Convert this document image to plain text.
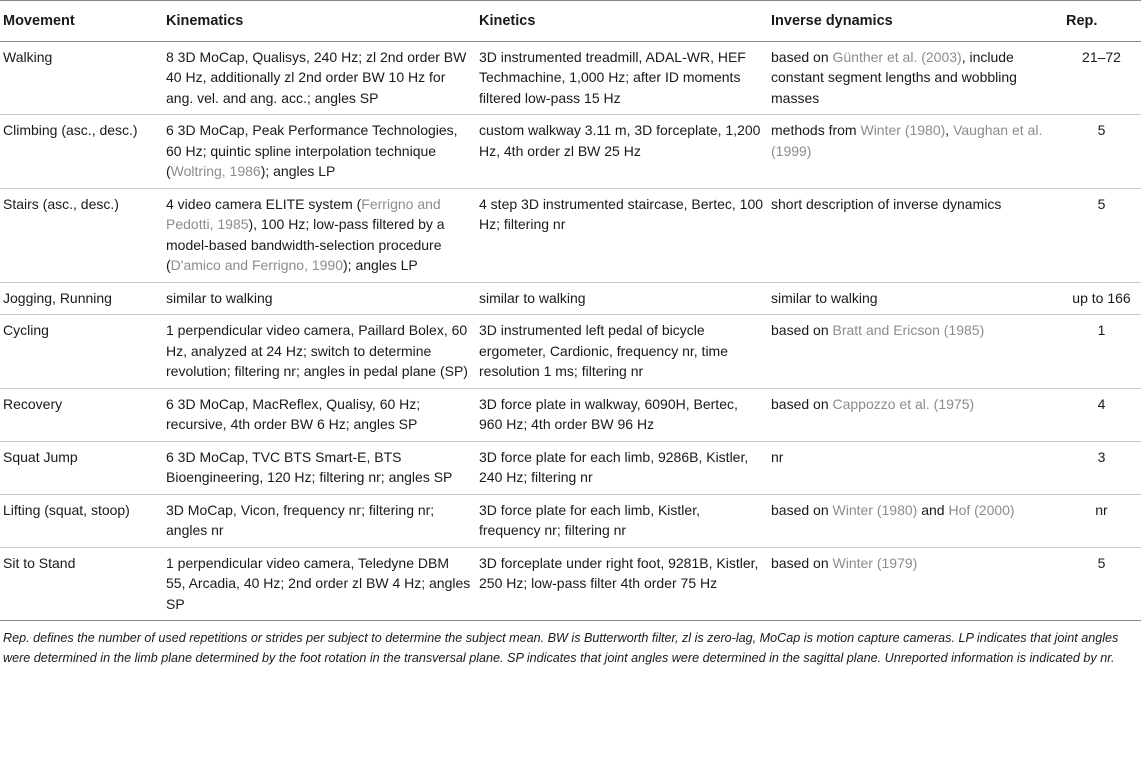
Movement	Kinematics	Kinetics	Inverse dynamics	Rep.
Walking	8 3D MoCap, Qualisys, 240 Hz; zl 2nd order BW 40 Hz, additionally zl 2nd order BW 10 Hz for ang. vel. and ang. acc.; angles SP	3D instrumented treadmill, ADAL-WR, HEF Techmachine, 1,000 Hz; after ID moments filtered low-pass 15 Hz	based on Günther et al. (2003), include constant segment lengths and wobbling masses	21–72
Climbing (asc., desc.)	6 3D MoCap, Peak Performance Technologies, 60 Hz; quintic spline interpolation technique (Woltring, 1986); angles LP	custom walkway 3.11 m, 3D forceplate, 1,200 Hz, 4th order zl BW 25 Hz	methods from Winter (1980), Vaughan et al. (1999)	5
Stairs (asc., desc.)	4 video camera ELITE system (Ferrigno and Pedotti, 1985), 100 Hz; low-pass filtered by a model-based bandwidth-selection procedure (D'amico and Ferrigno, 1990); angles LP	4 step 3D instrumented staircase, Bertec, 100 Hz; filtering nr	short description of inverse dynamics	5
Jogging, Running	similar to walking	similar to walking	similar to walking	up to 166
Cycling	1 perpendicular video camera, Paillard Bolex, 60 Hz, analyzed at 24 Hz; switch to determine revolution; filtering nr; angles in pedal plane (SP)	3D instrumented left pedal of bicycle ergometer, Cardionic, frequency nr, time resolution 1 ms; filtering nr	based on Bratt and Ericson (1985)	1
Recovery	6 3D MoCap, MacReflex, Qualisy, 60 Hz; recursive, 4th order BW 6 Hz; angles SP	3D force plate in walkway, 6090H, Bertec, 960 Hz; 4th order BW 96 Hz	based on Cappozzo et al. (1975)	4
Squat Jump	6 3D MoCap, TVC BTS Smart-E, BTS Bioengineering, 120 Hz; filtering nr; angles SP	3D force plate for each limb, 9286B, Kistler, 240 Hz; filtering nr	nr	3
Lifting (squat, stoop)	3D MoCap, Vicon, frequency nr; filtering nr; angles nr	3D force plate for each limb, Kistler, frequency nr; filtering nr	based on Winter (1980) and Hof (2000)	nr
Sit to Stand	1 perpendicular video camera, Teledyne DBM 55, Arcadia, 40 Hz; 2nd order zl BW 4 Hz; angles SP	3D forceplate under right foot, 9281B, Kistler, 250 Hz; low-pass filter 4th order 75 Hz	based on Winter (1979)	5
Rep. defines the number of used repetitions or strides per subject to determine the subject mean. BW is Butterworth filter, zl is zero-lag, MoCap is motion capture cameras. LP indicates that joint angles were determined in the limb plane determined by the foot rotation in the transversal plane. SP indicates that joint angles were determined in the sagittal plane. Unreported information is indicated by nr.
